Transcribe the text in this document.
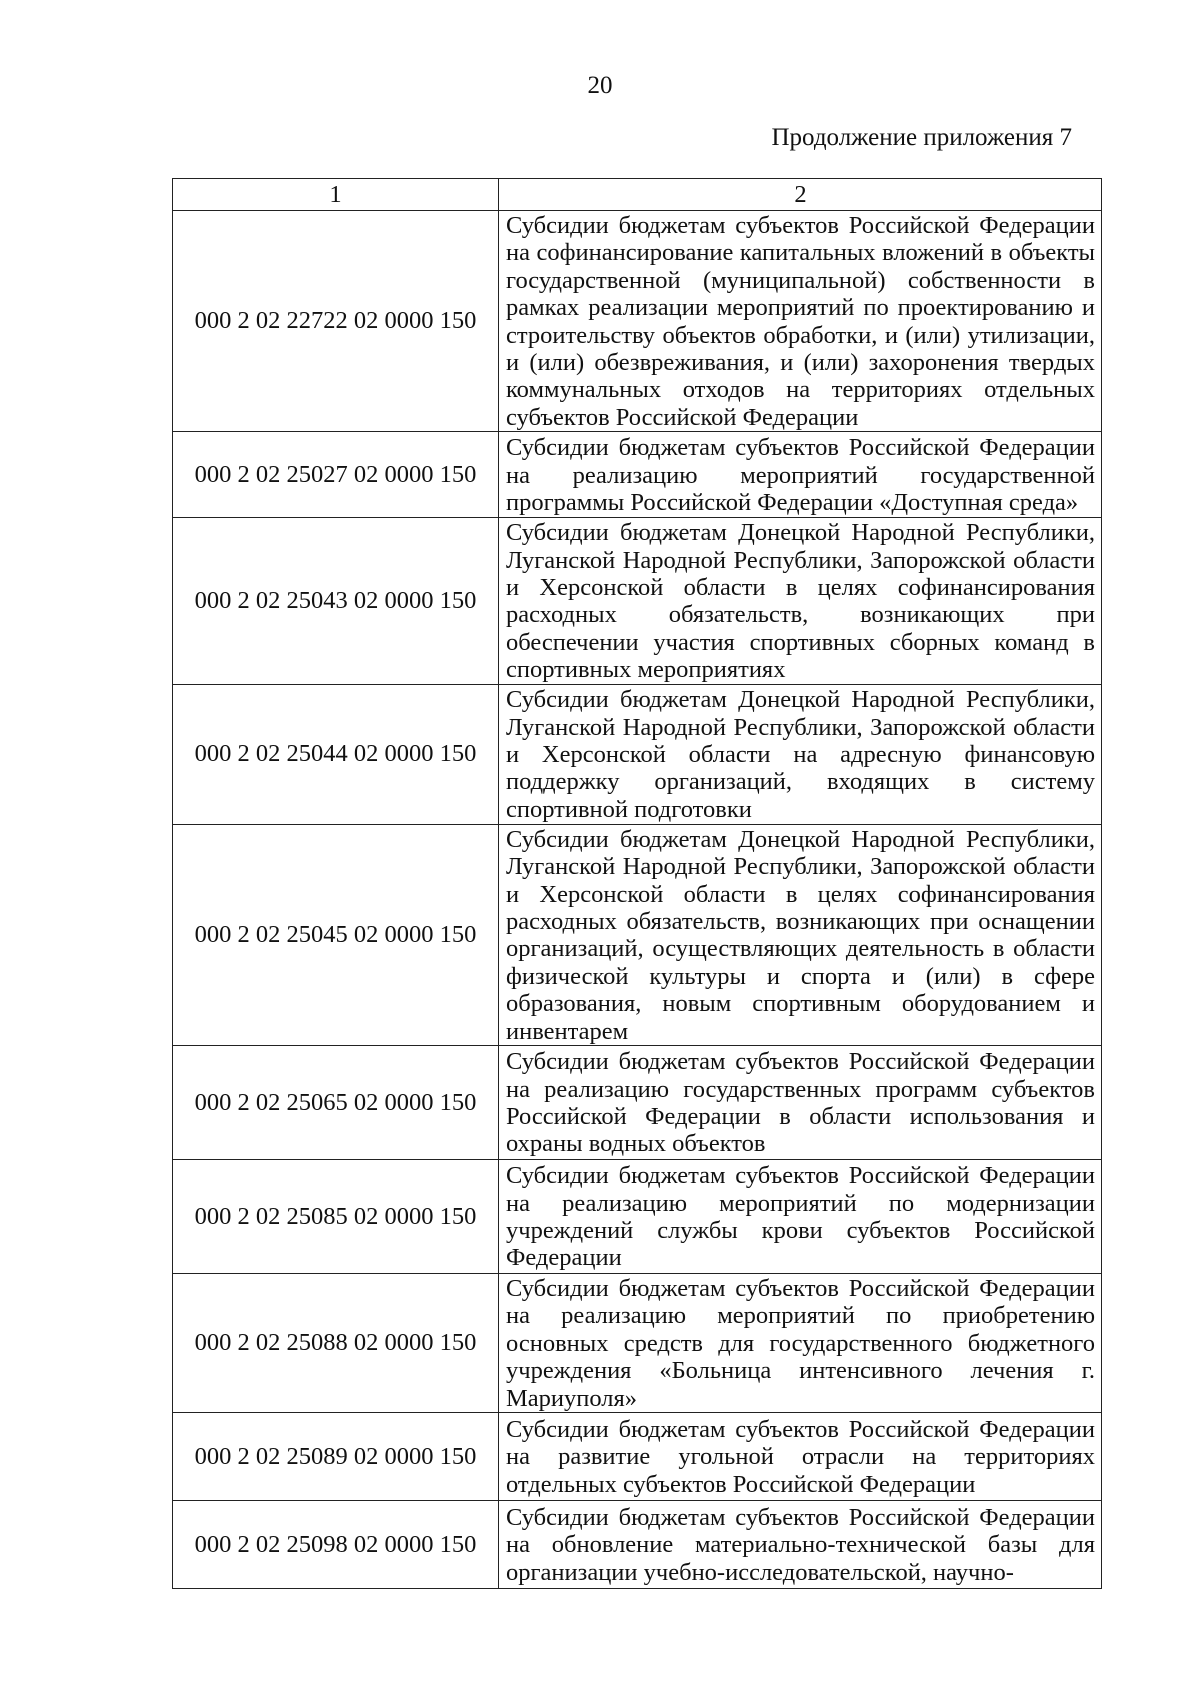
20
Продолжение приложения 7
1	2
000 2 02 22722 02 0000 150	Субсидии бюджетам субъектов Российской Федерации на софинансирование капитальных вложений в объекты государственной (муниципальной) собственности в рамках реализации мероприятий по проектированию и строительству объектов обработки, и (или) утилизации, и (или) обезвреживания, и (или) захоронения твердых коммунальных отходов на территориях отдельных субъектов Российской Федерации
000 2 02 25027 02 0000 150	Субсидии бюджетам субъектов Российской Федерации на реализацию мероприятий государственной программы Российской Федерации «Доступная среда»
000 2 02 25043 02 0000 150	Субсидии бюджетам Донецкой Народной Республики, Луганской Народной Республики, Запорожской области и Херсонской области в целях софинансирования расходных обязательств, возникающих при обеспечении участия спортивных сборных команд в спортивных мероприятиях
000 2 02 25044 02 0000 150	Субсидии бюджетам Донецкой Народной Республики, Луганской Народной Республики, Запорожской области и Херсонской области на адресную финансовую поддержку организаций, входящих в систему спортивной подготовки
000 2 02 25045 02 0000 150	Субсидии бюджетам Донецкой Народной Республики, Луганской Народной Республики, Запорожской области и Херсонской области в целях софинансирования расходных обязательств, возникающих при оснащении организаций, осуществляющих деятельность в области физической культуры и спорта и (или) в сфере образования, новым спортивным оборудованием и инвентарем
000 2 02 25065 02 0000 150	Субсидии бюджетам субъектов Российской Федерации на реализацию государственных программ субъектов Российской Федерации в области использования и охраны водных объектов
000 2 02 25085 02 0000 150	Субсидии бюджетам субъектов Российской Федерации на реализацию мероприятий по модернизации учреждений службы крови субъектов Российской Федерации
000 2 02 25088 02 0000 150	Субсидии бюджетам субъектов Российской Федерации на реализацию мероприятий по приобретению основных средств для государственного бюджетного учреждения «Больница интенсивного лечения г. Мариуполя»
000 2 02 25089 02 0000 150	Субсидии бюджетам субъектов Российской Федерации на развитие угольной отрасли на территориях отдельных субъектов Российской Федерации
000 2 02 25098 02 0000 150	Субсидии бюджетам субъектов Российской Федерации на обновление материально-технической базы для организации учебно-исследовательской, научно-
